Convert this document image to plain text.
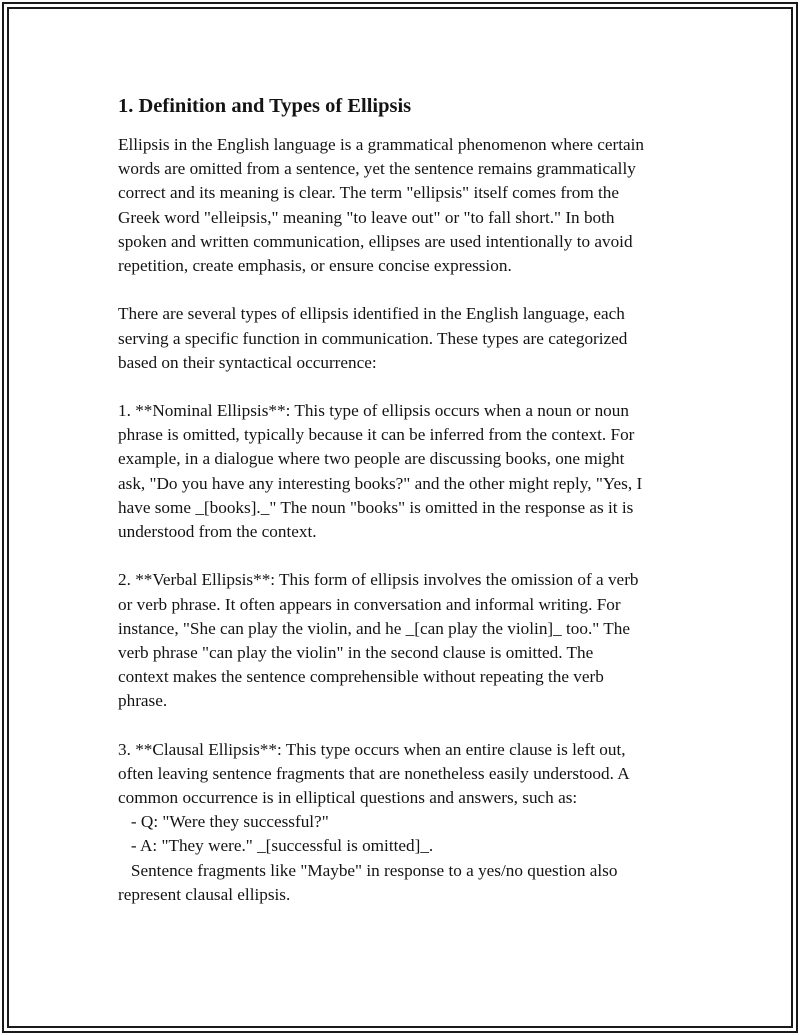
1. Definition and Types of Ellipsis

Ellipsis in the English language is a grammatical phenomenon where certain
words are omitted from a sentence, yet the sentence remains grammatically
correct and its meaning is clear. The term "ellipsis" itself comes from the
Greek word "elleipsis," meaning "to leave out" or "to fall short." In both
spoken and written communication, ellipses are used intentionally to avoid
repetition, create emphasis, or ensure concise expression.

There are several types of ellipsis identified in the English language, each
serving a specific function in communication. These types are categorized
based on their syntactical occurrence:

1. **Nominal Ellipsis**: This type of ellipsis occurs when a noun or noun
phrase is omitted, typically because it can be inferred from the context. For
example, in a dialogue where two people are discussing books, one might
ask, "Do you have any interesting books?" and the other might reply, "Yes, I
have some _[books]._" The noun "books" is omitted in the response as it is
understood from the context.

2. **Verbal Ellipsis**: This form of ellipsis involves the omission of a verb
or verb phrase. It often appears in conversation and informal writing. For
instance, "She can play the violin, and he _[can play the violin]_ too." The
verb phrase "can play the violin" in the second clause is omitted. The
context makes the sentence comprehensible without repeating the verb
phrase.

3. **Clausal Ellipsis**: This type occurs when an entire clause is left out,
often leaving sentence fragments that are nonetheless easily understood. A
common occurrence is in elliptical questions and answers, such as:
- Q: "Were they successful?"
- A: "They were." _[successful is omitted]_.
Sentence fragments like "Maybe" in response to a yes/no question also
represent clausal ellipsis.
